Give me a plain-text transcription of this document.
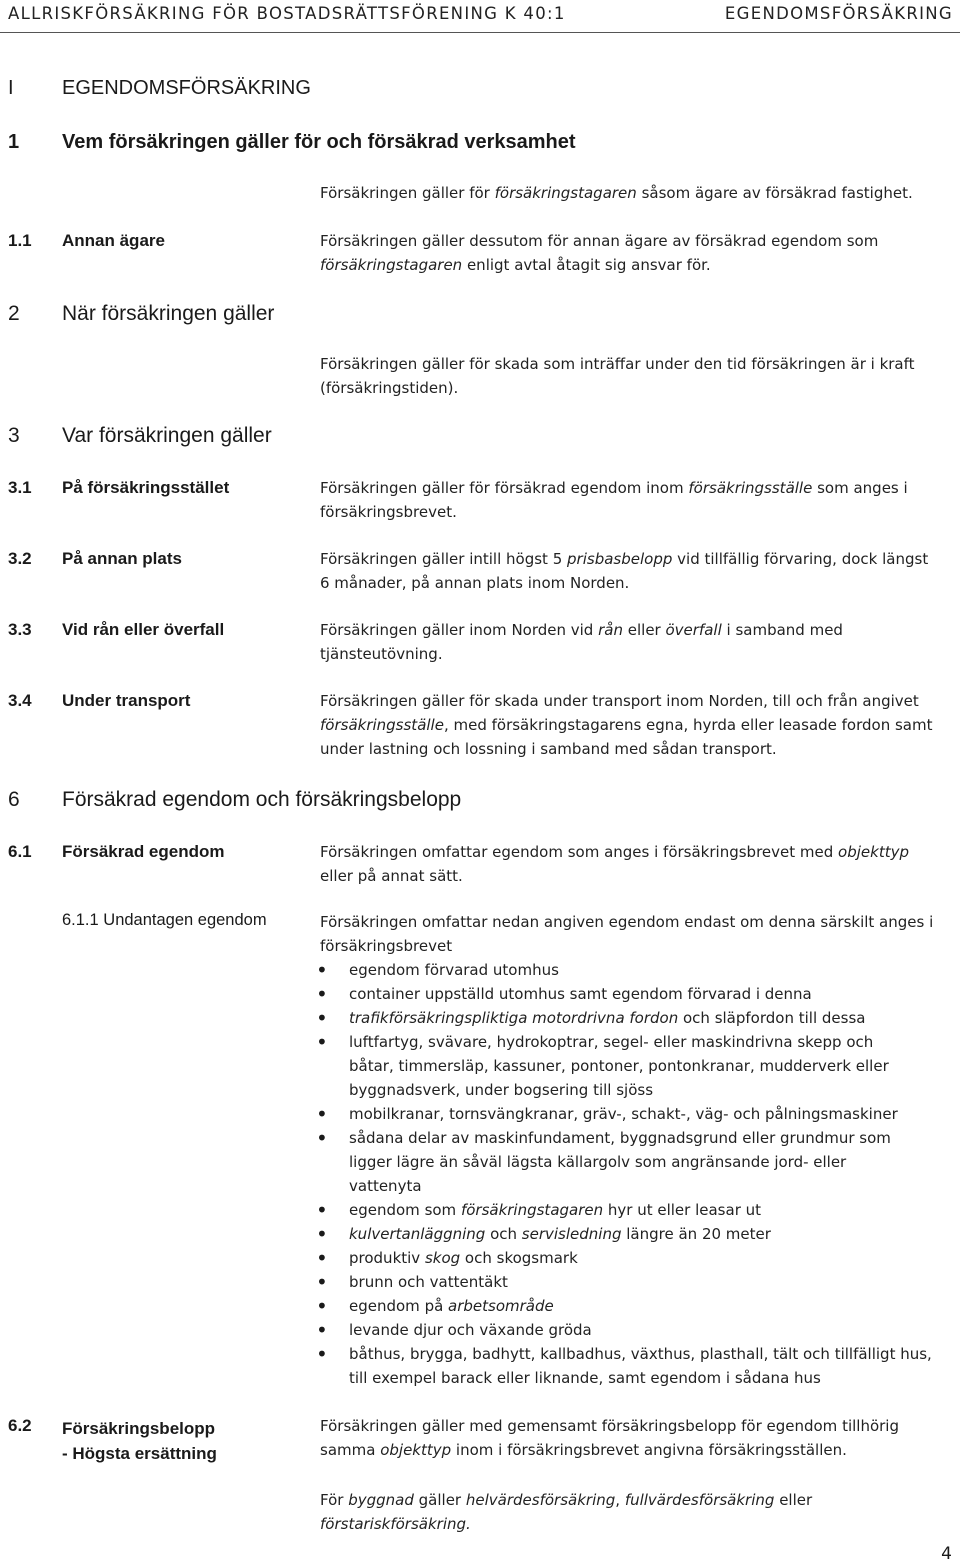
ALLRISKFÖRSÄKRING FÖR BOSTADSRÄTTSFÖRENING K 40:1	EGENDOMSFÖRSÄKRING
I EGENDOMSFÖRSÄKRING
1 Vem försäkringen gäller för och försäkrad verksamhet
Försäkringen gäller för försäkringstagaren såsom ägare av försäkrad fastighet.
1.1 Annan ägare	Försäkringen gäller dessutom för annan ägare av försäkrad egendom som
försäkringstagaren enligt avtal åtagit sig ansvar för.
2 När försäkringen gäller
Försäkringen gäller för skada som inträffar under den tid försäkringen är i kraft
(försäkringstiden).
3 Var försäkringen gäller
3.1 På försäkringsstället	Försäkringen gäller för försäkrad egendom inom försäkringsställe som anges i
försäkringsbrevet.
3.2 På annan plats	Försäkringen gäller intill högst 5 prisbasbelopp vid tillfällig förvaring, dock längst
6 månader, på annan plats inom Norden.
3.3 Vid rån eller överfall	Försäkringen gäller inom Norden vid rån eller överfall i samband med
tjänsteutövning.
3.4 Under transport	Försäkringen gäller för skada under transport inom Norden, till och från angivet
försäkringsställe, med försäkringstagarens egna, hyrda eller leasade fordon samt
under lastning och lossning i samband med sådan transport.
6 Försäkrad egendom och försäkringsbelopp
6.1 Försäkrad egendom	Försäkringen omfattar egendom som anges i försäkringsbrevet med objekttyp
eller på annat sätt.
6.1.1 Undantagen egendom	Försäkringen omfattar nedan angiven egendom endast om denna särskilt anges i
försäkringsbrevet
• egendom förvarad utomhus
• container uppställd utomhus samt egendom förvarad i denna
• trafikförsäkringspliktiga motordrivna fordon och släpfordon till dessa
• luftfartyg, svävare, hydrokoptrar, segel- eller maskindrivna skepp och
båtar, timmersläp, kassuner, pontoner, pontonkranar, mudderverk eller
byggnadsverk, under bogsering till sjöss
• mobilkranar, tornsvängkranar, gräv-, schakt-, väg- och pålningsmaskiner
• sådana delar av maskinfundament, byggnadsgrund eller grundmur som
ligger lägre än såväl lägsta källargolv som angränsande jord- eller
vattenyta
• egendom som försäkringstagaren hyr ut eller leasar ut
• kulvertanläggning och servisledning längre än 20 meter
• produktiv skog och skogsmark
• brunn och vattentäkt
• egendom på arbetsområde
• levande djur och växande gröda
• båthus, brygga, badhytt, kallbadhus, växthus, plasthall, tält och tillfälligt hus,
till exempel barack eller liknande, samt egendom i sådana hus
6.2 Försäkringsbelopp
- Högsta ersättning
Försäkringen gäller med gemensamt försäkringsbelopp för egendom tillhörig
samma objekttyp inom i försäkringsbrevet angivna försäkringsställen.
För byggnad gäller helvärdesförsäkring, fullvärdesförsäkring eller
förstariskförsäkring.
4
